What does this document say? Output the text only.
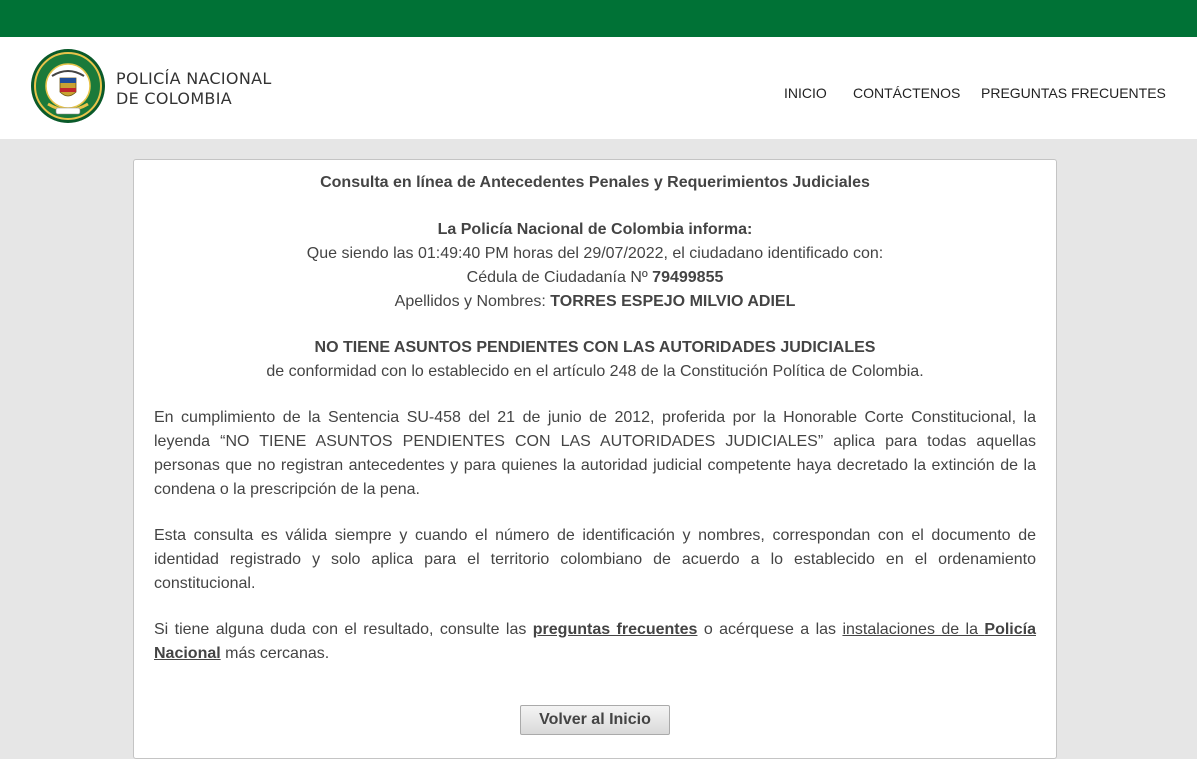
POLICÍA NACIONAL
DE COLOMBIA	INICIO CONTÁCTENOS PREGUNTAS FRECUENTES
Consulta en línea de Antecedentes Penales y Requerimientos Judiciales
La Policía Nacional de Colombia informa:
Que siendo las 01:49:40 PM horas del 29/07/2022, el ciudadano identificado con:
Cédula de Ciudadanía Nº 79499855
Apellidos y Nombres: TORRES ESPEJO MILVIO ADIEL
NO TIENE ASUNTOS PENDIENTES CON LAS AUTORIDADES JUDICIALES
de conformidad con lo establecido en el artículo 248 de la Constitución Política de Colombia.
En cumplimiento de la Sentencia SU-458 del 21 de junio de 2012, proferida por la Honorable Corte Constitucional, la leyenda “NO TIENE ASUNTOS PENDIENTES CON LAS AUTORIDADES JUDICIALES” aplica para todas aquellas personas que no registran antecedentes y para quienes la autoridad judicial competente haya decretado la extinción de la condena o la prescripción de la pena.
Esta consulta es válida siempre y cuando el número de identificación y nombres, correspondan con el documento de identidad registrado y solo aplica para el territorio colombiano de acuerdo a lo establecido en el ordenamiento constitucional.
Si tiene alguna duda con el resultado, consulte las preguntas frecuentes o acérquese a las instalaciones de la Policía Nacional más cercanas.
Volver al Inicio
